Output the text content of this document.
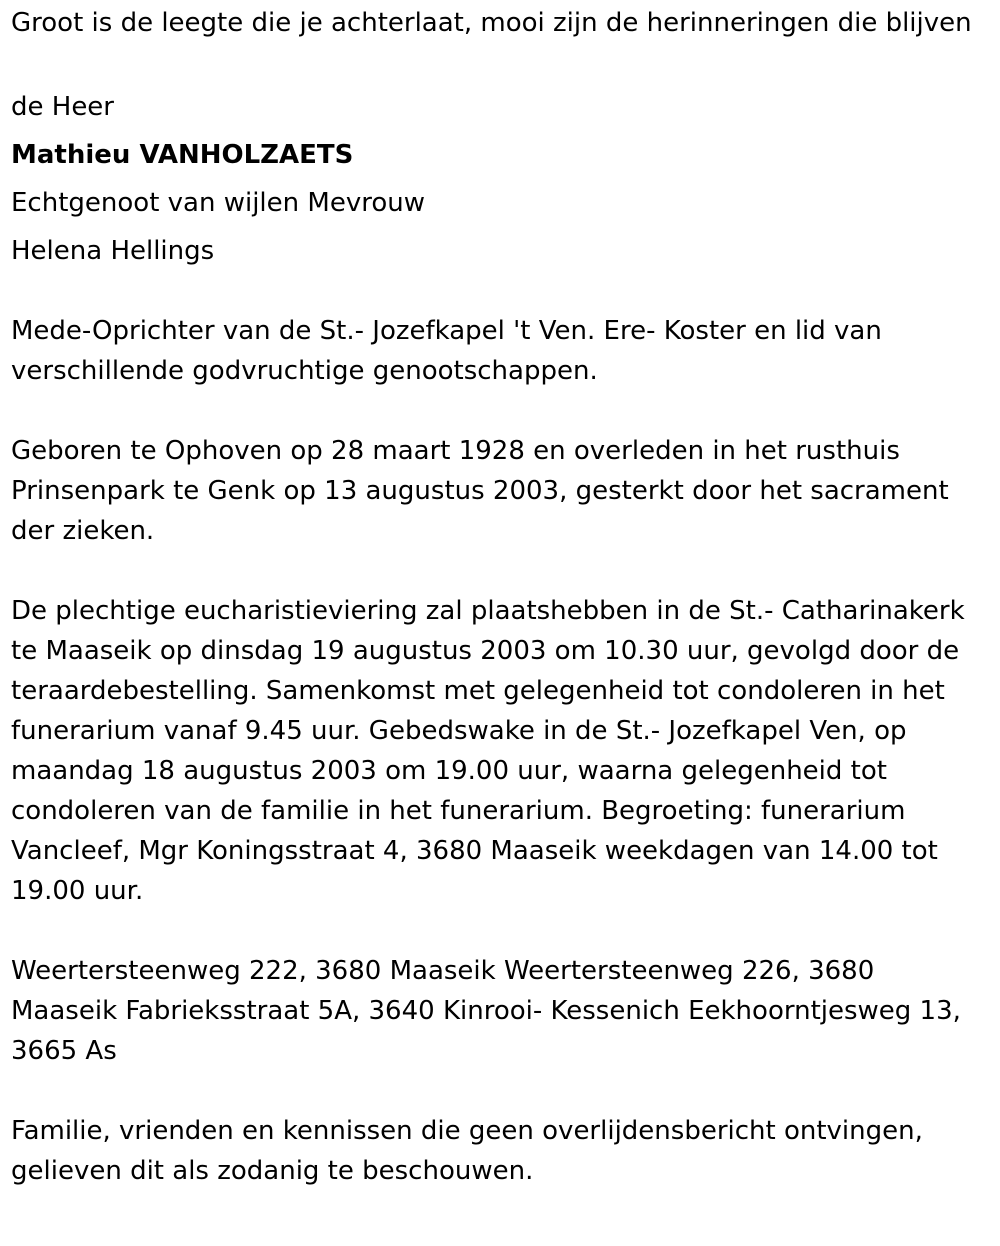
Groot is de leegte die je achterlaat, mooi zijn de herinneringen die blijven

de Heer

Mathieu VANHOLZAETS

Echtgenoot van wijlen Mevrouw

Helena Hellings

Mede-Oprichter van de St.- Jozefkapel 't Ven. Ere- Koster en lid van verschillende godvruchtige genootschappen.

Geboren te Ophoven op 28 maart 1928 en overleden in het rusthuis Prinsenpark te Genk op 13 augustus 2003, gesterkt door het sacrament der zieken.

De plechtige eucharistieviering zal plaatshebben in de St.- Catharinakerk te Maaseik op dinsdag 19 augustus 2003 om 10.30 uur, gevolgd door de teraardebestelling. Samenkomst met gelegenheid tot condoleren in het funerarium vanaf 9.45 uur. Gebedswake in de St.- Jozefkapel Ven, op maandag 18 augustus 2003 om 19.00 uur, waarna gelegenheid tot condoleren van de familie in het funerarium. Begroeting: funerarium Vancleef, Mgr Koningsstraat 4, 3680 Maaseik weekdagen van 14.00 tot 19.00 uur.

Weertersteenweg 222, 3680 Maaseik Weertersteenweg 226, 3680 Maaseik Fabrieksstraat 5A, 3640 Kinrooi- Kessenich Eekhoorntjesweg 13, 3665 As

Familie, vrienden en kennissen die geen overlijdensbericht ontvingen, gelieven dit als zodanig te beschouwen.
